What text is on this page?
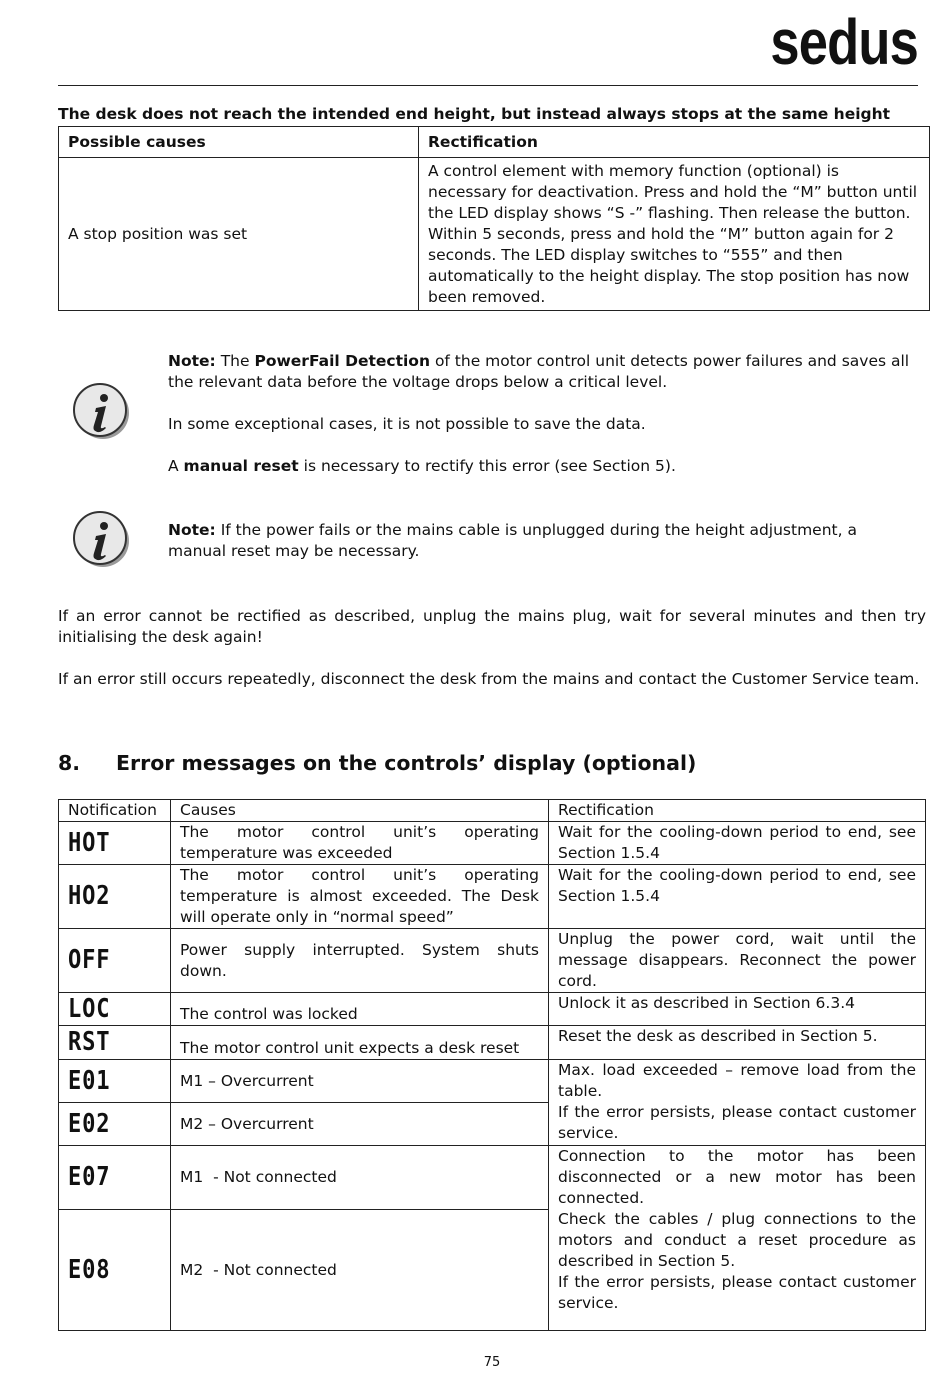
sedus
The desk does not reach the intended end height, but instead always stops at the same height
Possible causes	Rectification
A stop position was set	A control element with memory function (optional) is necessary for deactivation. Press and hold the “M” button until the LED display shows “S -” flashing. Then release the button. Within 5 seconds, press and hold the “M” button again for 2 seconds. The LED display switches to “555” and then automatically to the height display. The stop position has now been removed.

Note: The PowerFail Detection of the motor control unit detects power failures and saves all the relevant data before the voltage drops below a critical level.

In some exceptional cases, it is not possible to save the data.

A manual reset is necessary to rectify this error (see Section 5).

Note: If the power fails or the mains cable is unplugged during the height adjustment, a manual reset may be necessary.

If an error cannot be rectified as described, unplug the mains plug, wait for several minutes and then try initialising the desk again!
If an error still occurs repeatedly, disconnect the desk from the mains and contact the Customer Service team.
8. Error messages on the controls’ display (optional)
Notification	Causes	Rectification
HOT	The motor control unit’s operating temperature was exceeded	Wait for the cooling-down period to end, see Section 1.5.4
HO2	The motor control unit’s operating temperature is almost exceeded. The Desk will operate only in “normal speed”	Wait for the cooling-down period to end, see Section 1.5.4
OFF	Power supply interrupted. System shuts down.	Unplug the power cord, wait until the message disappears. Reconnect the power cord.
LOC	The control was locked	Unlock it as described in Section 6.3.4
RST	The motor control unit expects a desk reset	Reset the desk as described in Section 5.
E01	M1 – Overcurrent	Max. load exceeded – remove load from the table.
If the error persists, please contact customer service.
E02	M2 – Overcurrent	
E07	M1  - Not connected	Connection to the motor has been disconnected or a new motor has been connected.
Check the cables / plug connections to the motors and conduct a reset procedure as described in Section 5.
If the error persists, please contact customer service.
E08	M2  - Not connected	
75
